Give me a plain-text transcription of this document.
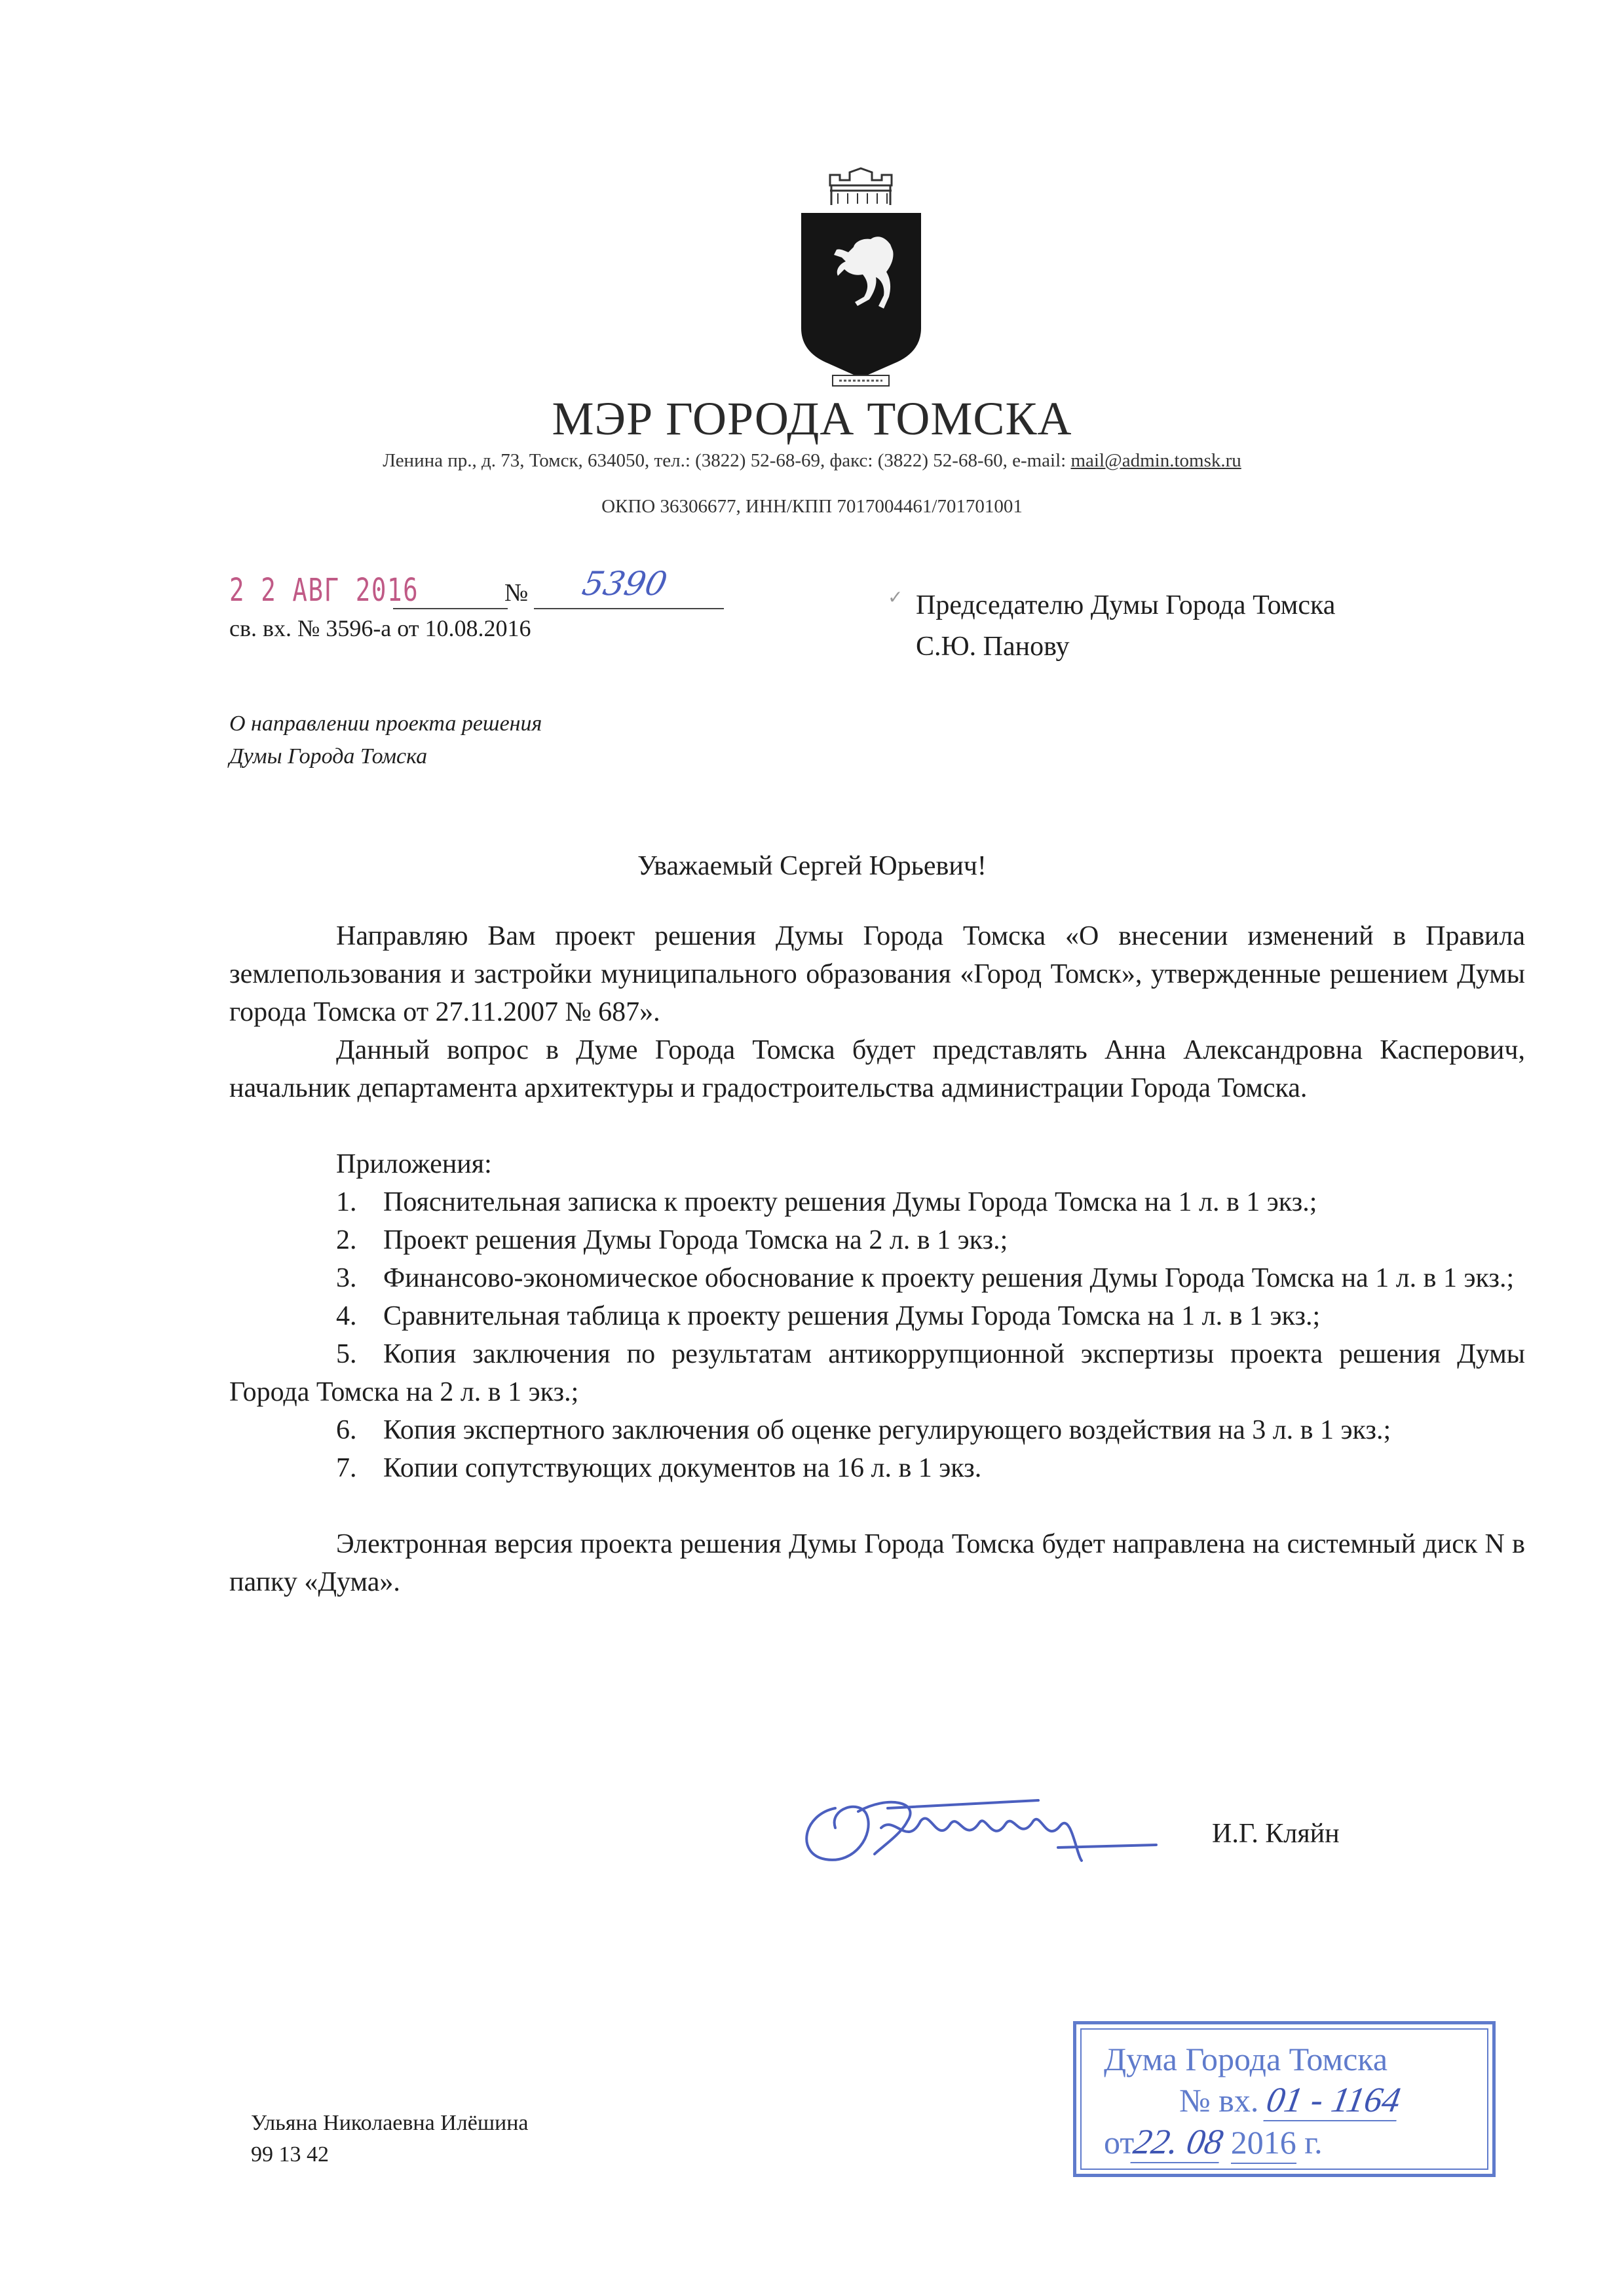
МЭР ГОРОДА ТОМСКА
Ленина пр., д. 73, Томск, 634050, тел.: (3822) 52-68-69, факс: (3822) 52-68-60, e-mail: mail@admin.tomsk.ru
ОКПО 36306677, ИНН/КПП 7017004461/701701001
2 2 АВГ 2016	№ 5390
св. вх. № 3596-а от 10.08.2016
✓ Председателю Думы Города Томска
С.Ю. Панову
О направлении проекта решения
Думы Города Томска
Уважаемый Сергей Юрьевич!

Направляю Вам проект решения Думы Города Томска «О внесении изменений в Правила землепользования и застройки муниципального образования «Город Томск», утвержденные решением Думы города Томска от 27.11.2007 № 687».

Данный вопрос в Думе Города Томска будет представлять Анна Александровна Касперович, начальник департамента архитектуры и градостроительства администрации Города Томска.

Приложения:

1. Пояснительная записка к проекту решения Думы Города Томска на 1 л. в 1 экз.;
2. Проект решения Думы Города Томска на 2 л. в 1 экз.;
3. Финансово-экономическое обоснование к проекту решения Думы Города Томска на 1 л. в 1 экз.;
4. Сравнительная таблица к проекту решения Думы Города Томска на 1 л. в 1 экз.;
5. Копия заключения по результатам антикоррупционной экспертизы проекта решения Думы Города Томска на 2 л. в 1 экз.;
6. Копия экспертного заключения об оценке регулирующего воздействия на 3 л. в 1 экз.;
7. Копии сопутствующих документов на 16 л. в 1 экз.

Электронная версия проекта решения Думы Города Томска будет направлена на системный диск N в папку «Дума».

И.Г. Кляйн
Ульяна Николаевна Илёшина
99 13 42
Дума Города Томска
№ вх. 01 - 1164
от22. 08 2016 г.
